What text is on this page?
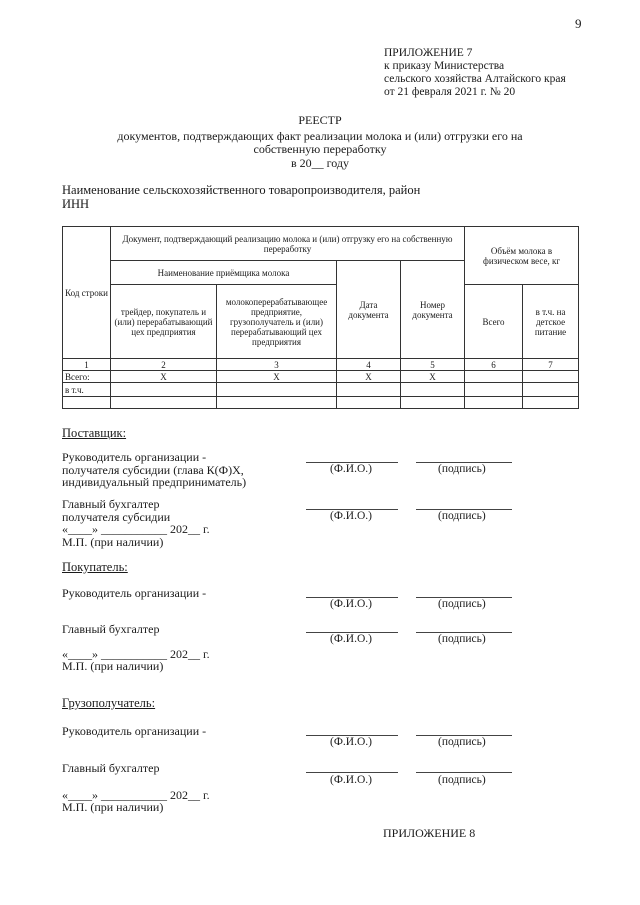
9
ПРИЛОЖЕНИЕ 7
к приказу Министерства
сельского хозяйства Алтайского края
от 21 февраля 2021 г. № 20
РЕЕСТР
документов, подтверждающих факт реализации молока и (или) отгрузки его на
собственную переработку
в 20__ году
Наименование сельскохозяйственного товаропроизводителя, район
ИНН
Код строки	Документ, подтверждающий реализацию молока и (или) отгрузку его на собственную переработку				Объём молока в физическом весе, кг	
	Наименование приёмщика молока		Дата документа	Номер документа		
	трейдер, покупатель и (или) перерабатывающий цех предприятия	молокоперерабатывающее предприятие, грузополучатель и (или) перерабатывающий цех предприятия			Всего	в т.ч. на детское питание
1	2	3	4	5	6	7
Всего:	X	X	X	X		
в т.ч.						

Поставщик:
Руководитель организации -
получателя субсидии (глава К(Ф)Х,
индивидуальный предприниматель)
(Ф.И.О.)	(подпись)
Главный бухгалтер
получателя субсидии	(Ф.И.О.)	(подпись)
«____» ___________ 202__ г.
М.П. (при наличии)
Покупатель:
Руководитель организации -
(Ф.И.О.)	(подпись)
Главный бухгалтер
(Ф.И.О.)	(подпись)
«____» ___________ 202__ г.
М.П. (при наличии)
Грузополучатель:
Руководитель организации -
(Ф.И.О.)	(подпись)
Главный бухгалтер
(Ф.И.О.)	(подпись)
«____» ___________ 202__ г.
М.П. (при наличии)
ПРИЛОЖЕНИЕ 8
